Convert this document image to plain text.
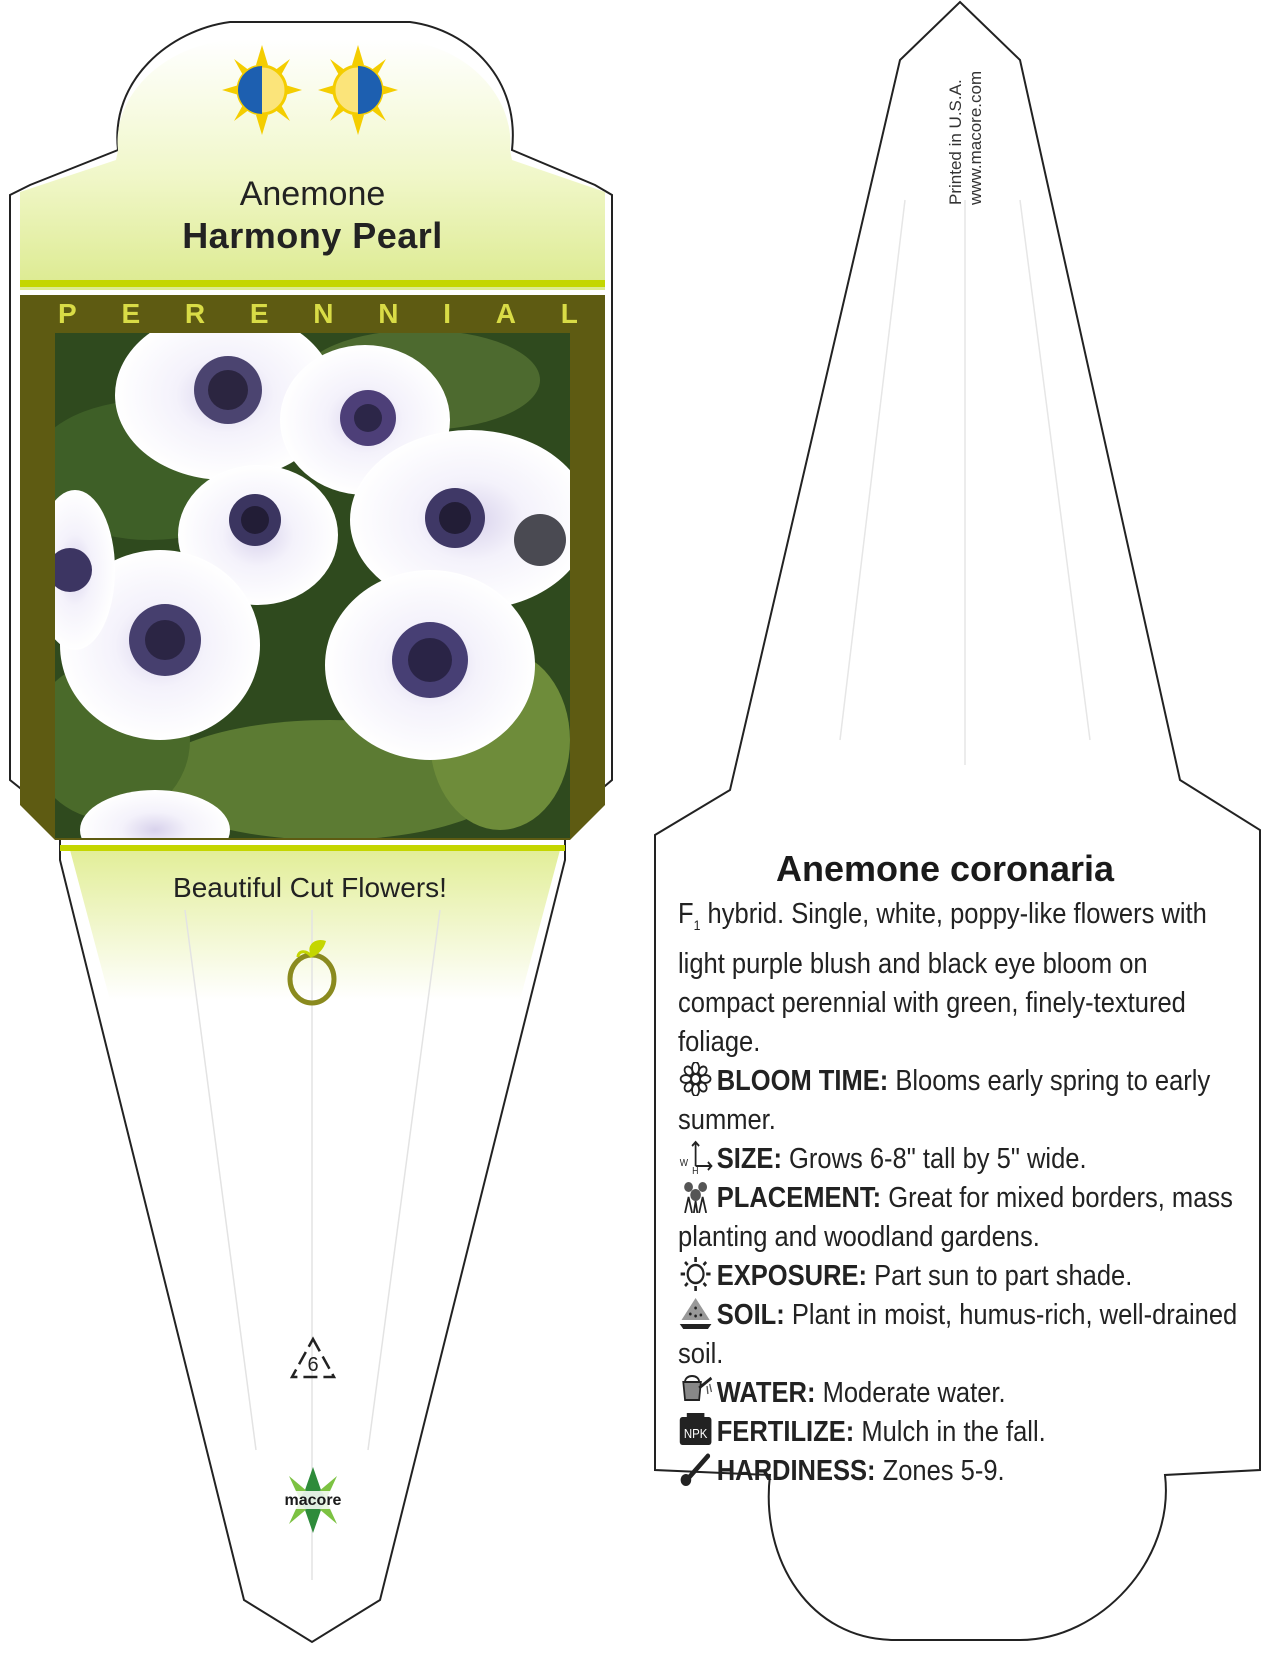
Anemone
Harmony Pearl
P E R E N N I A L
Beautiful Cut Flowers!
6
macore
Printed in U.S.A. www.macore.com
Anemone coronaria

$F_1$ hybrid. Single, white, poppy-like flowers with light purple blush and black eye bloom on compact perennial with green, finely-textured foliage.

BLOOM TIME: Blooms early spring to early summer.

W
H SIZE: Grows 6-8" tall by 5" wide.

PLACEMENT: Great for mixed borders, mass planting and woodland gardens.

EXPOSURE: Part sun to part shade.

SOIL: Plant in moist, humus-rich, well-drained soil.

WATER: Moderate water.

NPK FERTILIZE: Mulch in the fall.

HARDINESS: Zones 5-9.
